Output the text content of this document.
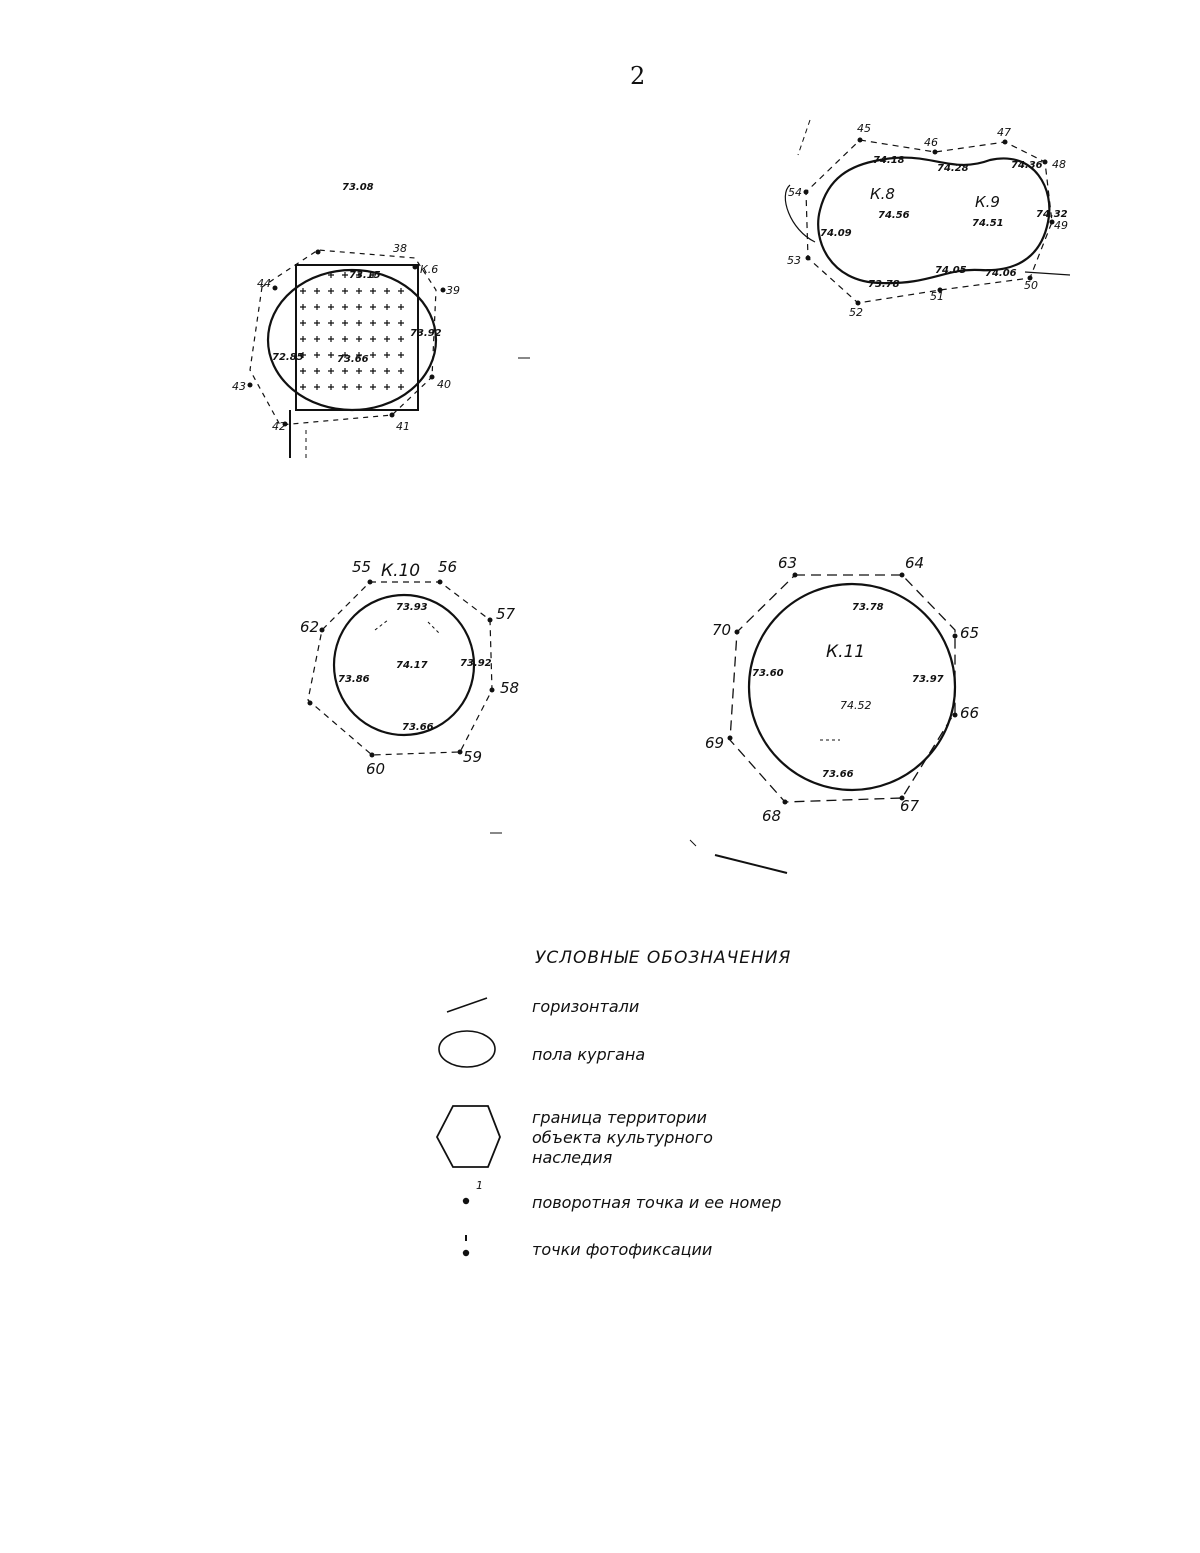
2
К.6
73.15
73.66
72.85
73.92
73.08
38
39
40
41
42
43
44
К.8
74.56
К.9
74.51
74.18
74.28	74.36
74.32
74.09
73.78
74.05 74.06
45
46
47
48
49
50
51
52
53
54
К.10
74.17
73.93
73.86
73.92
73.66
55	56
57
58
59
60
62
К.11
74.52
73.78
73.60
73.97
73.66
63	64
65
66
67
68
69
70
1
УСЛОВНЫЕ ОБОЗНАЧЕНИЯ
горизонтали
пола кургана
граница территории объекта культурного наследия
поворотная точка и ее номер
точки фотофиксации
